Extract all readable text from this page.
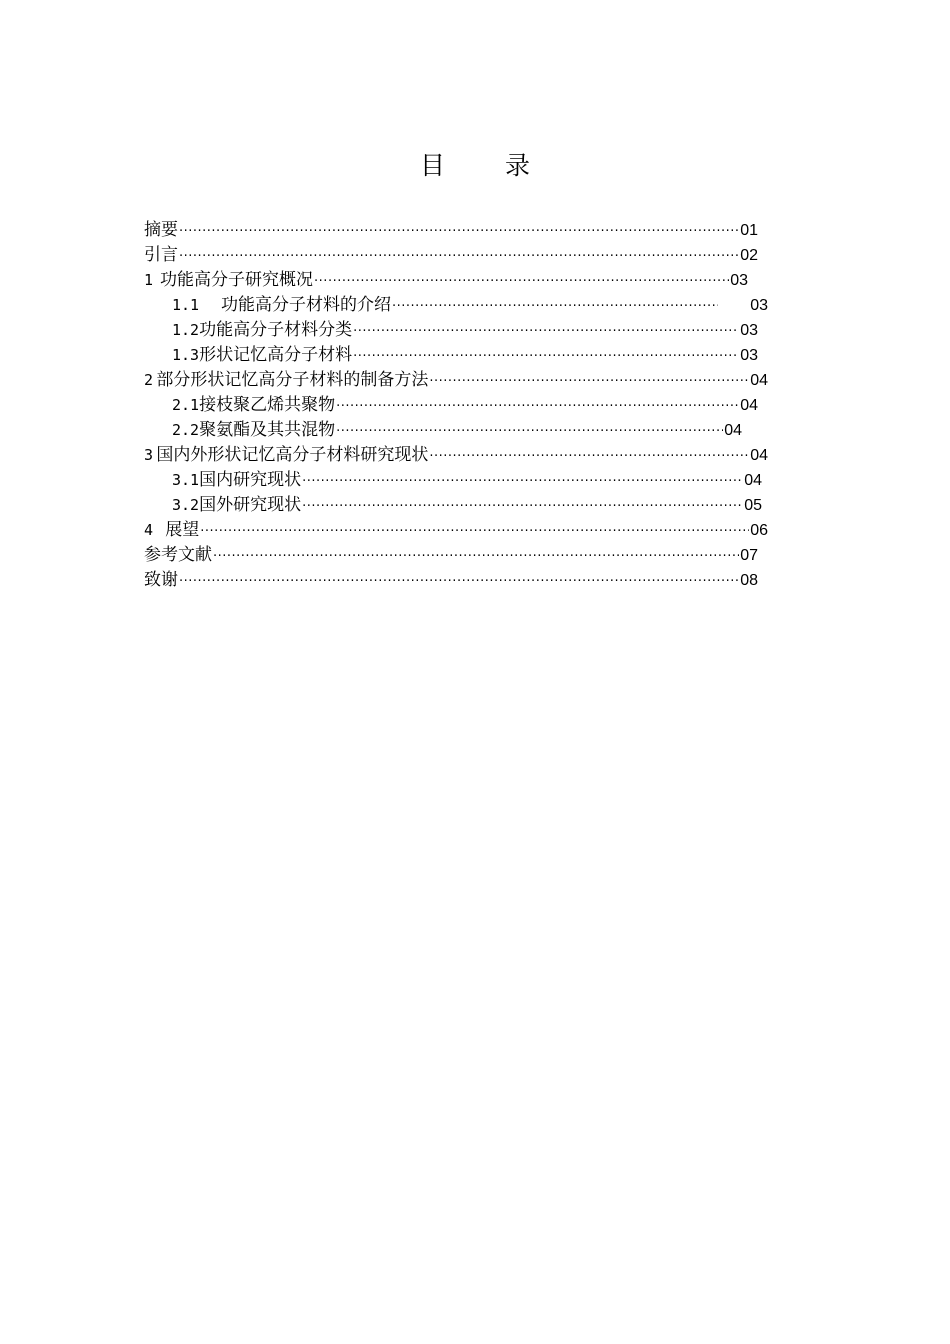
目 录
摘要 ·····	01
引言 ·····	02
1 功能高分子研究概况 ·····	03
1.1	功能高分子材料的介绍 ·····	03
1.2 功能高分子材料分类 ·····	03
1.3 形状记忆高分子材料 ·····	03
2 部分形状记忆高分子材料的制备方法 ·····	04
2.1 接枝聚乙烯共聚物 ·····	04
2.2 聚氨酯及其共混物 ·····	04
3 国内外形状记忆高分子材料研究现状 ·····	04
3.1 国内研究现状 ·····	04
3.2 国外研究现状 ·····	05
4 展望 ·····	06
参考文献 ·····	07
致谢 ·····	08
